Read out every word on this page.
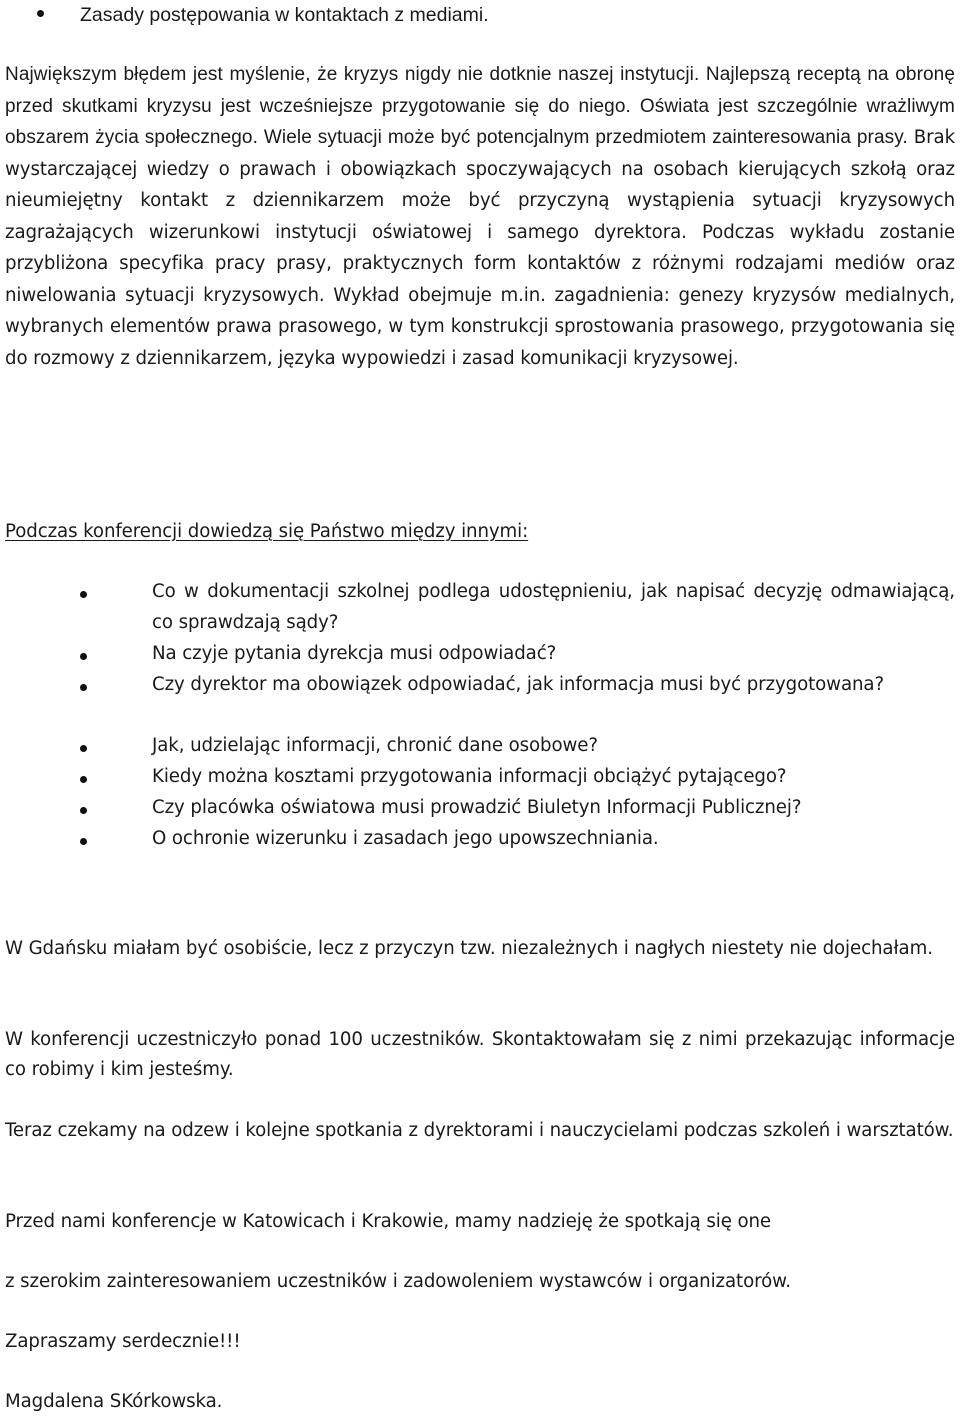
Zasady postępowania w kontaktach z mediami.

Największym błędem jest myślenie, że kryzys nigdy nie dotknie naszej instytucji. Najlepszą receptą na obronę przed skutkami kryzysu jest wcześniejsze przygotowanie się do niego. Oświata jest szczególnie wrażliwym obszarem życia społecznego. Wiele sytuacji może być potencjalnym przedmiotem zainteresowania prasy. Brak wystarczającej wiedzy o prawach i obowiązkach spoczywających na osobach kierujących szkołą oraz nieumiejętny kontakt z dziennikarzem może być przyczyną wystąpienia sytuacji kryzysowych zagrażających wizerunkowi instytucji oświatowej i samego dyrektora. Podczas wykładu zostanie przybliżona specyfika pracy prasy, praktycznych form kontaktów z różnymi rodzajami mediów oraz niwelowania sytuacji kryzysowych. Wykład obejmuje m.in. zagadnienia: genezy kryzysów medialnych, wybranych elementów prawa prasowego, w tym konstrukcji sprostowania prasowego, przygotowania się do rozmowy z dziennikarzem, języka wypowiedzi i zasad komunikacji kryzysowej.

Podczas konferencji dowiedzą się Państwo między innymi:
Co w dokumentacji szkolnej podlega udostępnieniu, jak napisać decyzję odmawiającą, co sprawdzają sądy?
Na czyje pytania dyrekcja musi odpowiadać?
Czy dyrektor ma obowiązek odpowiadać, jak informacja musi być przygotowana?
Jak, udzielając informacji, chronić dane osobowe?
Kiedy można kosztami przygotowania informacji obciążyć pytającego?
Czy placówka oświatowa musi prowadzić Biuletyn Informacji Publicznej?
O ochronie wizerunku i zasadach jego upowszechniania.

W Gdańsku miałam być osobiście, lecz z przyczyn tzw. niezależnych i nagłych niestety nie dojechałam.

W konferencji uczestniczyło ponad 100 uczestników. Skontaktowałam się z nimi przekazując informacje co robimy i kim jesteśmy.

Teraz czekamy na odzew i kolejne spotkania z dyrektorami i nauczycielami podczas szkoleń i warsztatów.

Przed nami konferencje w Katowicach i Krakowie, mamy nadzieję że spotkają się one

z szerokim zainteresowaniem uczestników i zadowoleniem wystawców i organizatorów.

Zapraszamy serdecznie!!!

Magdalena SKórkowska.
